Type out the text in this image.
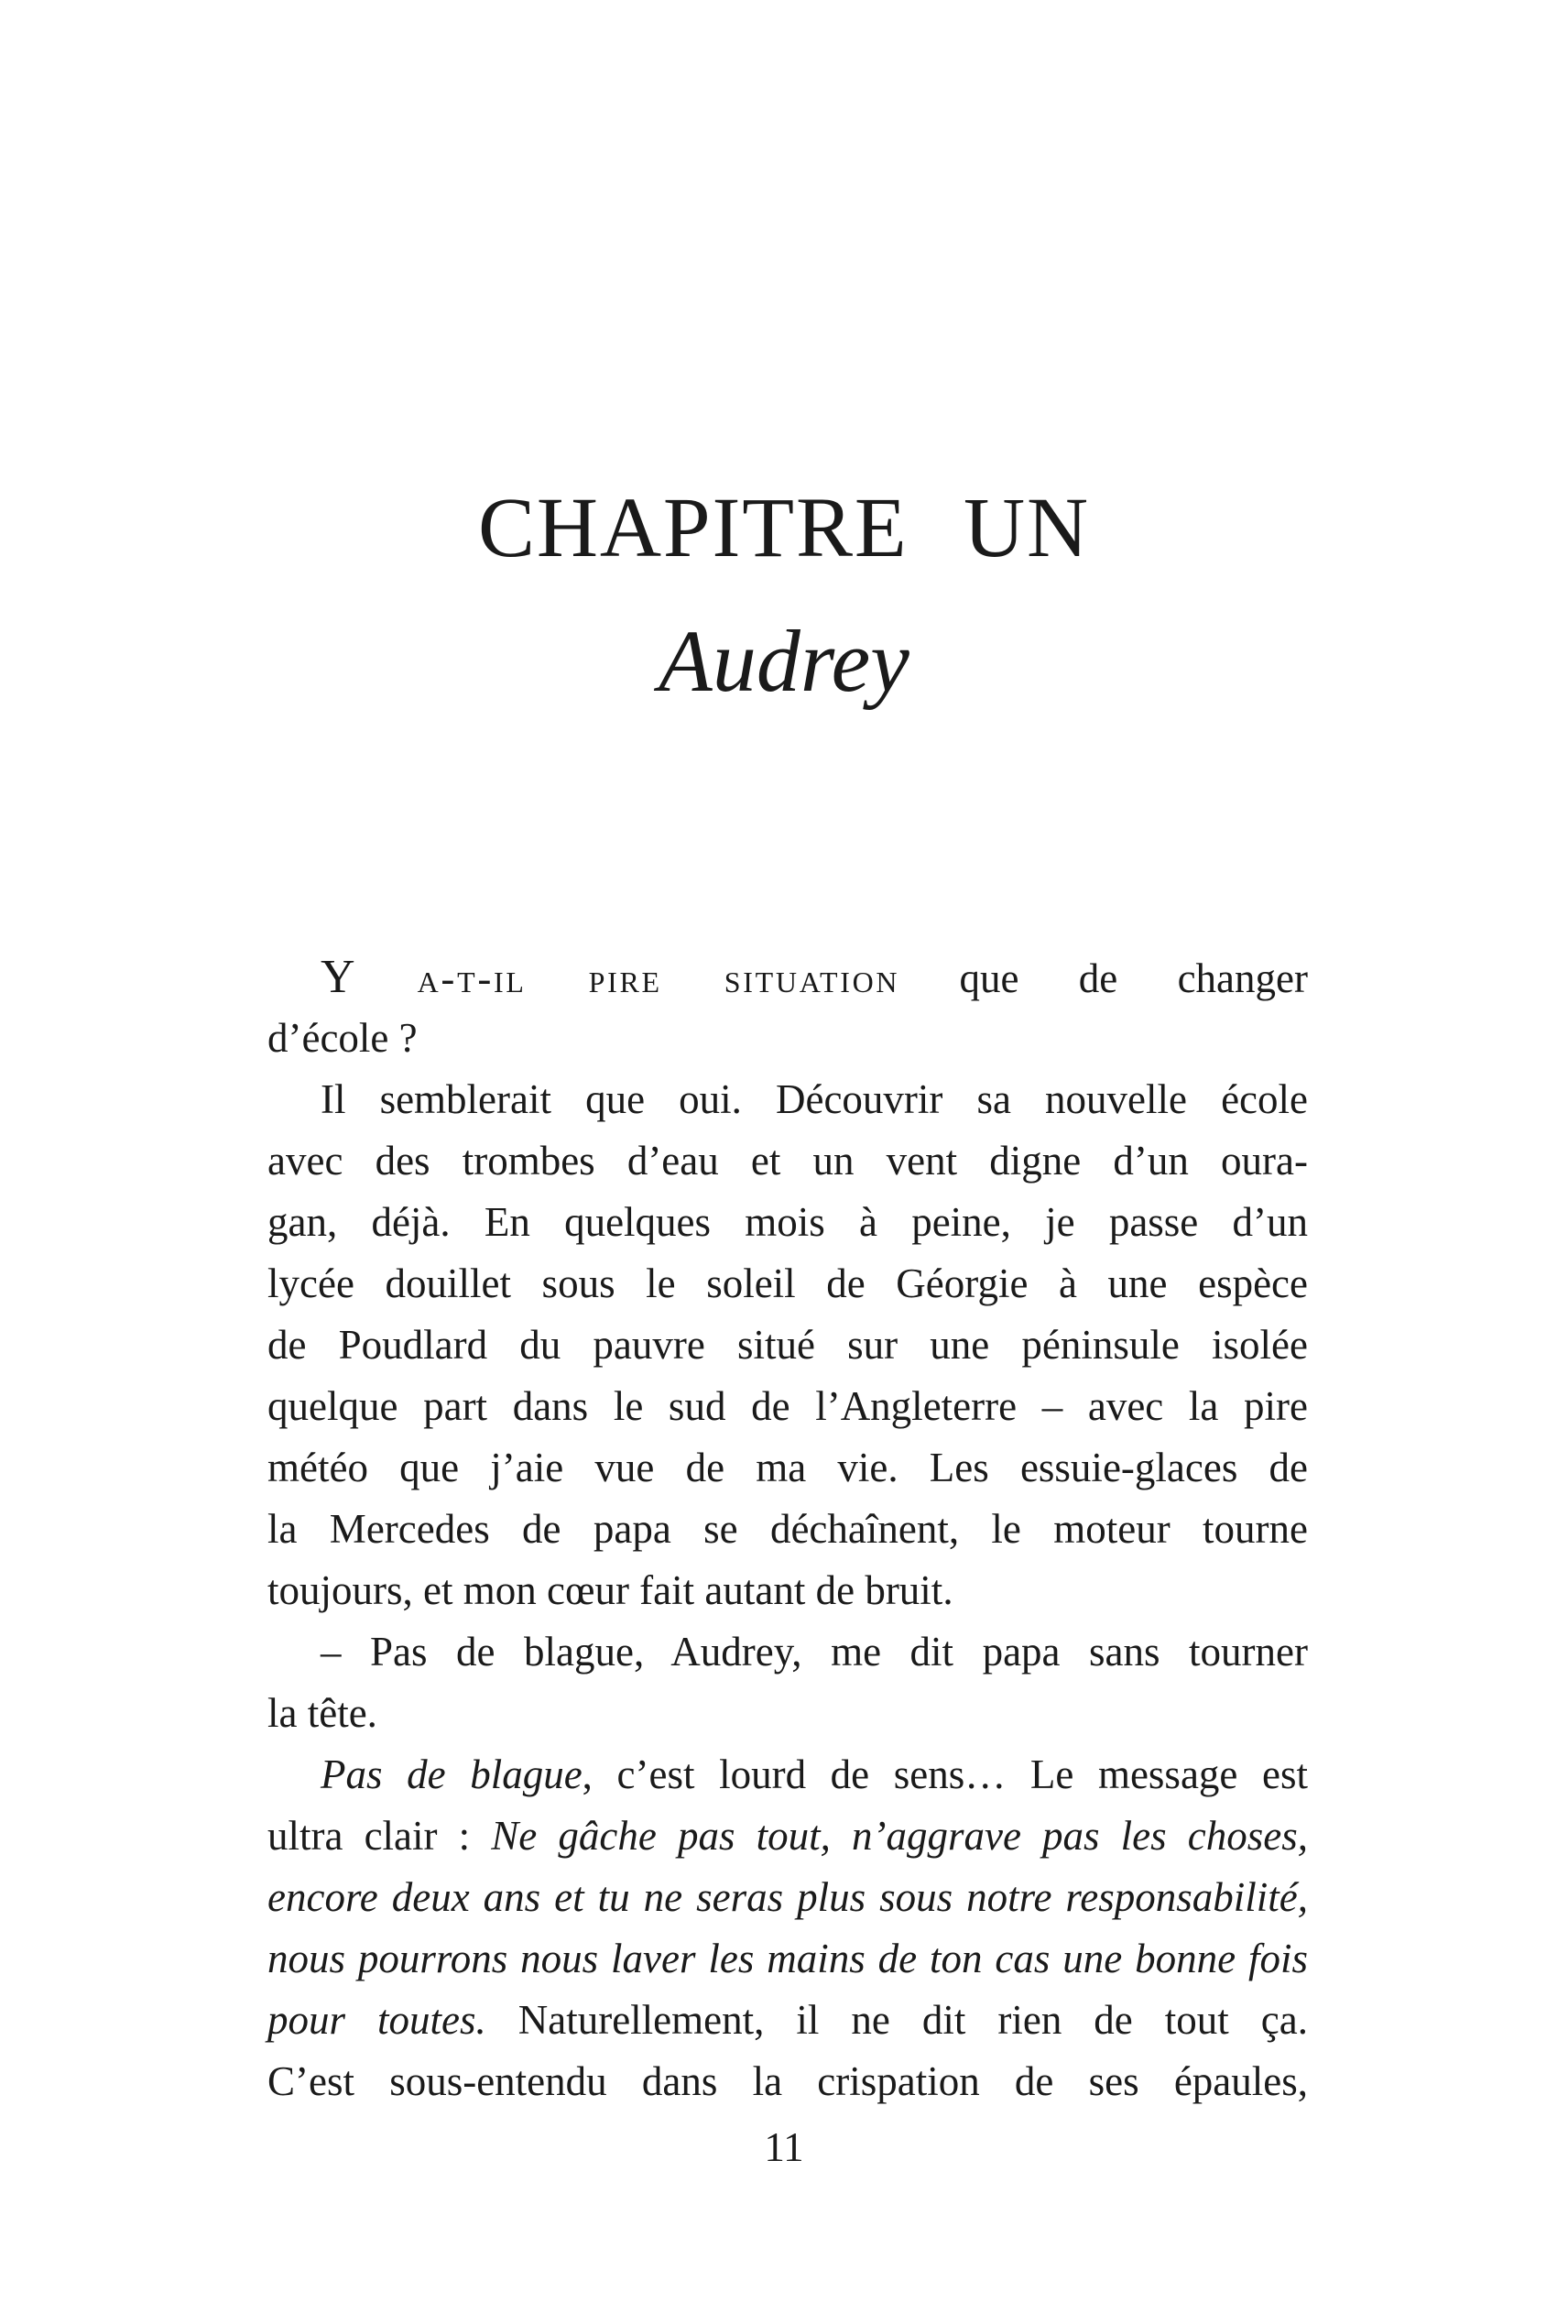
CHAPITRE UN
Audrey
Y a-t-il pire situation que de changer
d’école ?
Il semblerait que oui. Découvrir sa nouvelle école
avec des trombes d’eau et un vent digne d’un oura-
gan, déjà. En quelques mois à peine, je passe d’un
lycée douillet sous le soleil de Géorgie à une espèce
de Poudlard du pauvre situé sur une péninsule isolée
quelque part dans le sud de l’Angleterre – avec la pire
météo que j’aie vue de ma vie. Les essuie-glaces de
la Mercedes de papa se déchaînent, le moteur tourne
toujours, et mon cœur fait autant de bruit.
– Pas de blague, Audrey, me dit papa sans tourner
la tête.
Pas de blague, c’est lourd de sens… Le message est
ultra clair : Ne gâche pas tout, n’aggrave pas les choses,
encore deux ans et tu ne seras plus sous notre responsabilité,
nous pourrons nous laver les mains de ton cas une bonne fois
pour toutes. Naturellement, il ne dit rien de tout ça.
C’est sous-entendu dans la crispation de ses épaules,
11
